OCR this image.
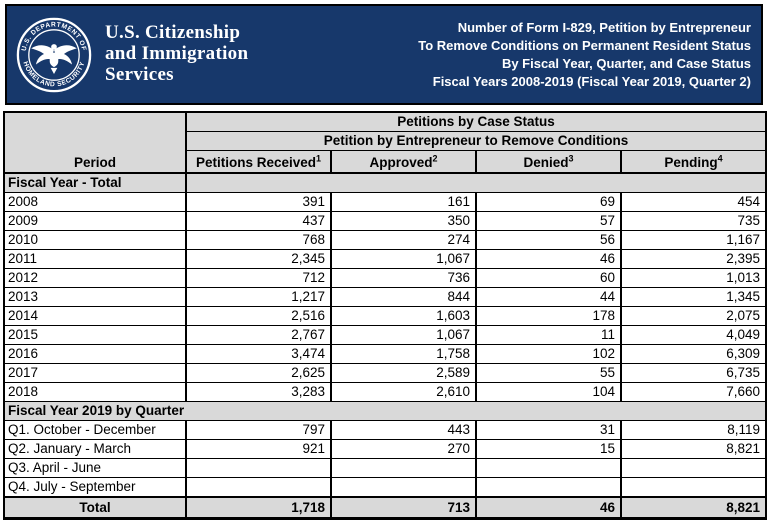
U.S. DEPARTMENT OF
HOMELAND SECURITY
U.S. Citizenship
and Immigration
Services
Number of Form I-829, Petition by Entrepreneur
To Remove Conditions on Permanent Resident Status
By Fiscal Year, Quarter, and Case Status
Fiscal Years 2008-2019 (Fiscal Year 2019, Quarter 2)
Period	Petitions by Case Status			
	Petition by Entrepreneur to Remove Conditions			
	Petitions Received$^1$	Approved$^2$	Denied$^3$	Pending$^4$
Fiscal Year - Total				
2008	391	161	69	454
2009	437	350	57	735
2010	768	274	56	1,167
2011	2,345	1,067	46	2,395
2012	712	736	60	1,013
2013	1,217	844	44	1,345
2014	2,516	1,603	178	2,075
2015	2,767	1,067	11	4,049
2016	3,474	1,758	102	6,309
2017	2,625	2,589	55	6,735
2018	3,283	2,610	104	7,660
Fiscal Year 2019 by Quarter				
Q1. October - December	797	443	31	8,119
Q2. January - March	921	270	15	8,821
Q3. April - June				
Q4. July - September				
Total	1,718	713	46	8,821
